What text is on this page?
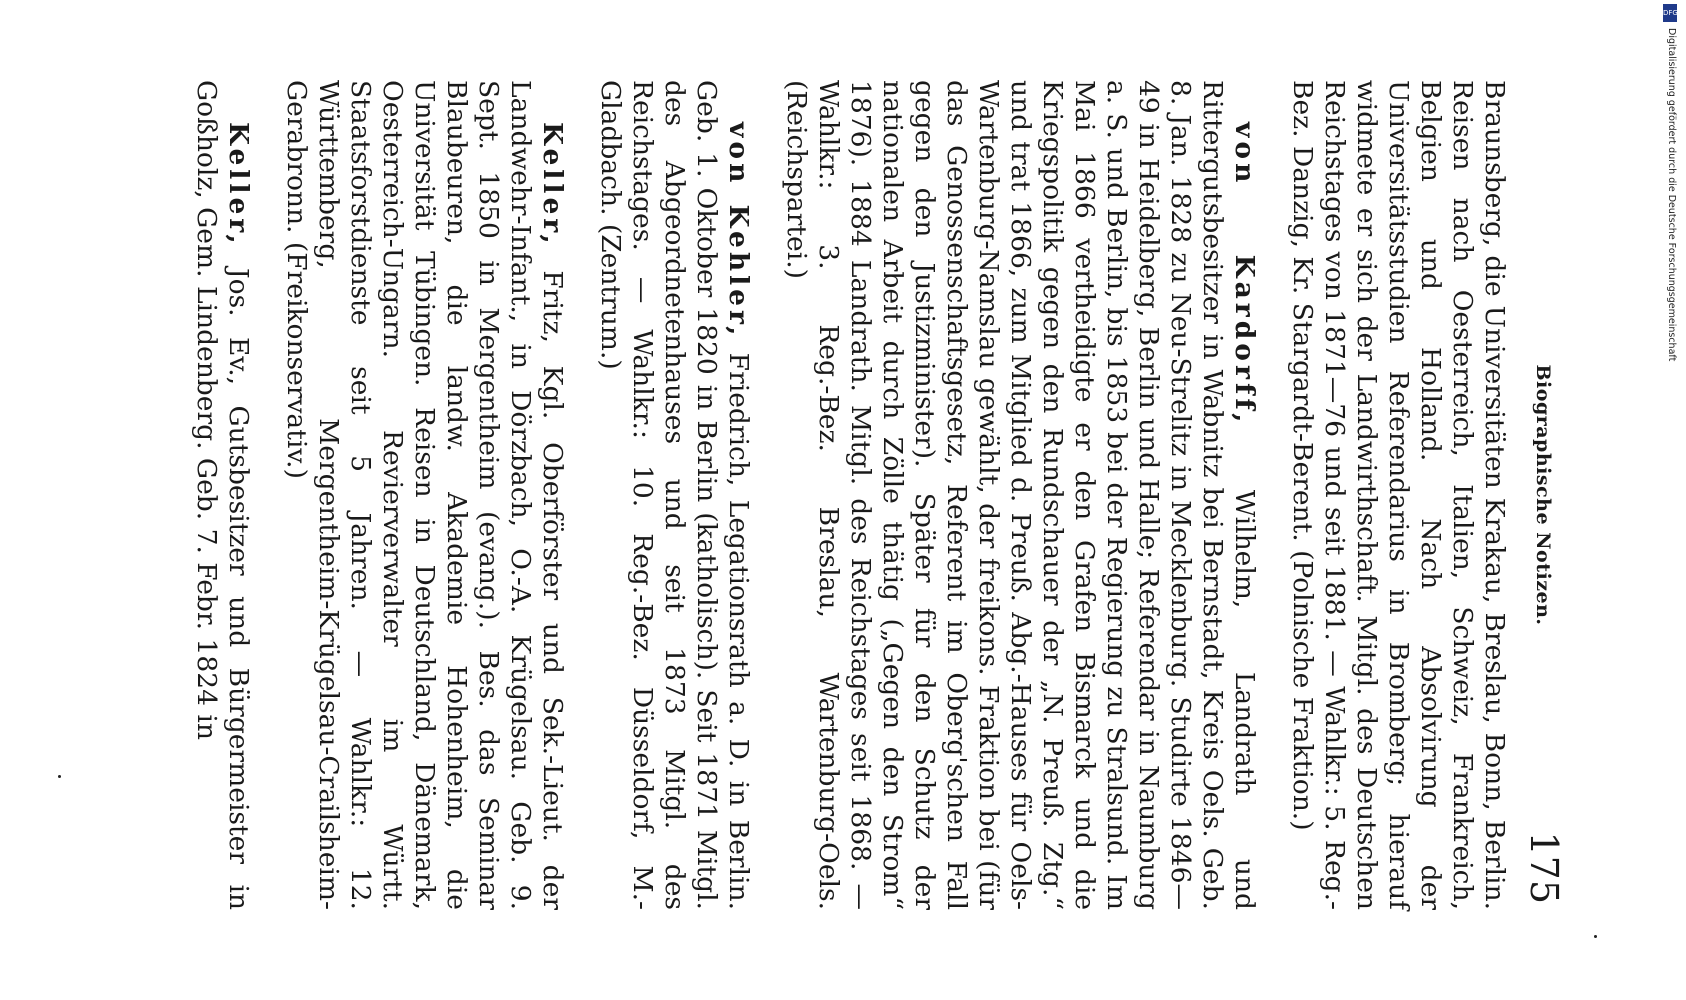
Biographische Notizen.
175

Braunsberg, die Universitäten Krakau, Breslau, Bonn, Berlin. Reisen nach Oesterreich, Italien, Schweiz, Frankreich, Belgien und Holland. Nach Absolvirung der Universitätsstudien Referendarius in Bromberg; hierauf widmete er sich der Landwirthschaft. Mitgl. des Deutschen Reichstages von 1871—76 und seit 1881. — Wahlkr.: 5. Reg.-Bez. Danzig, Kr. Stargardt-Berent. (Polnische Fraktion.)

von Kardorff, Wilhelm, Landrath und Rittergutsbesitzer in Wabnitz bei Bernstadt, Kreis Oels. Geb. 8. Jan. 1828 zu Neu-Strelitz in Mecklenburg. Studirte 1846—49 in Heidelberg, Berlin und Halle; Referendar in Naumburg a. S. und Berlin, bis 1853 bei der Regierung zu Stralsund. Im Mai 1866 vertheidigte er den Grafen Bismarck und die Kriegspolitik gegen den Rundschauer der „N. Preuß. Ztg.“ und trat 1866, zum Mitglied d. Preuß. Abg.-Hauses für Oels-Wartenburg-Namslau gewählt, der freikons. Fraktion bei (für das Genossenschaftsgesetz, Referent im Oberg'schen Fall gegen den Justizminister). Später für den Schutz der nationalen Arbeit durch Zölle thätig („Gegen den Strom“ 1876). 1884 Landrath. Mitgl. des Reichstages seit 1868. — Wahlkr.: 3. Reg.-Bez. Breslau, Wartenburg-Oels. (Reichspartei.)

von Kehler, Friedrich, Legationsrath a. D. in Berlin. Geb. 1. Oktober 1820 in Berlin (katholisch). Seit 1871 Mitgl. des Abgeordnetenhauses und seit 1873 Mitgl. des Reichstages. — Wahlkr.: 10. Reg.-Bez. Düsseldorf, M.-Gladbach. (Zentrum.)

Keller, Fritz, Kgl. Oberförster und Sek.-Lieut. der Landwehr-Infant., in Dörzbach, O.-A. Krügelsau. Geb. 9. Sept. 1850 in Mergentheim (evang.). Bes. das Seminar Blaubeuren, die landw. Akademie Hohenheim, die Universität Tübingen. Reisen in Deutschland, Dänemark, Oesterreich-Ungarn. Revierverwalter im Württ. Staatsforstdienste seit 5 Jahren. — Wahlkr.: 12. Württemberg, Mergentheim-Krügelsau-Crailsheim-Gerabronn. (Freikonservativ.)

Keller, Jos. Ev., Gutsbesitzer und Bürgermeister in Goßholz, Gem. Lindenberg. Geb. 7. Febr. 1824 in

DFG
Digitalisierung gefördert durch die Deutsche Forschungsgemeinschaft
